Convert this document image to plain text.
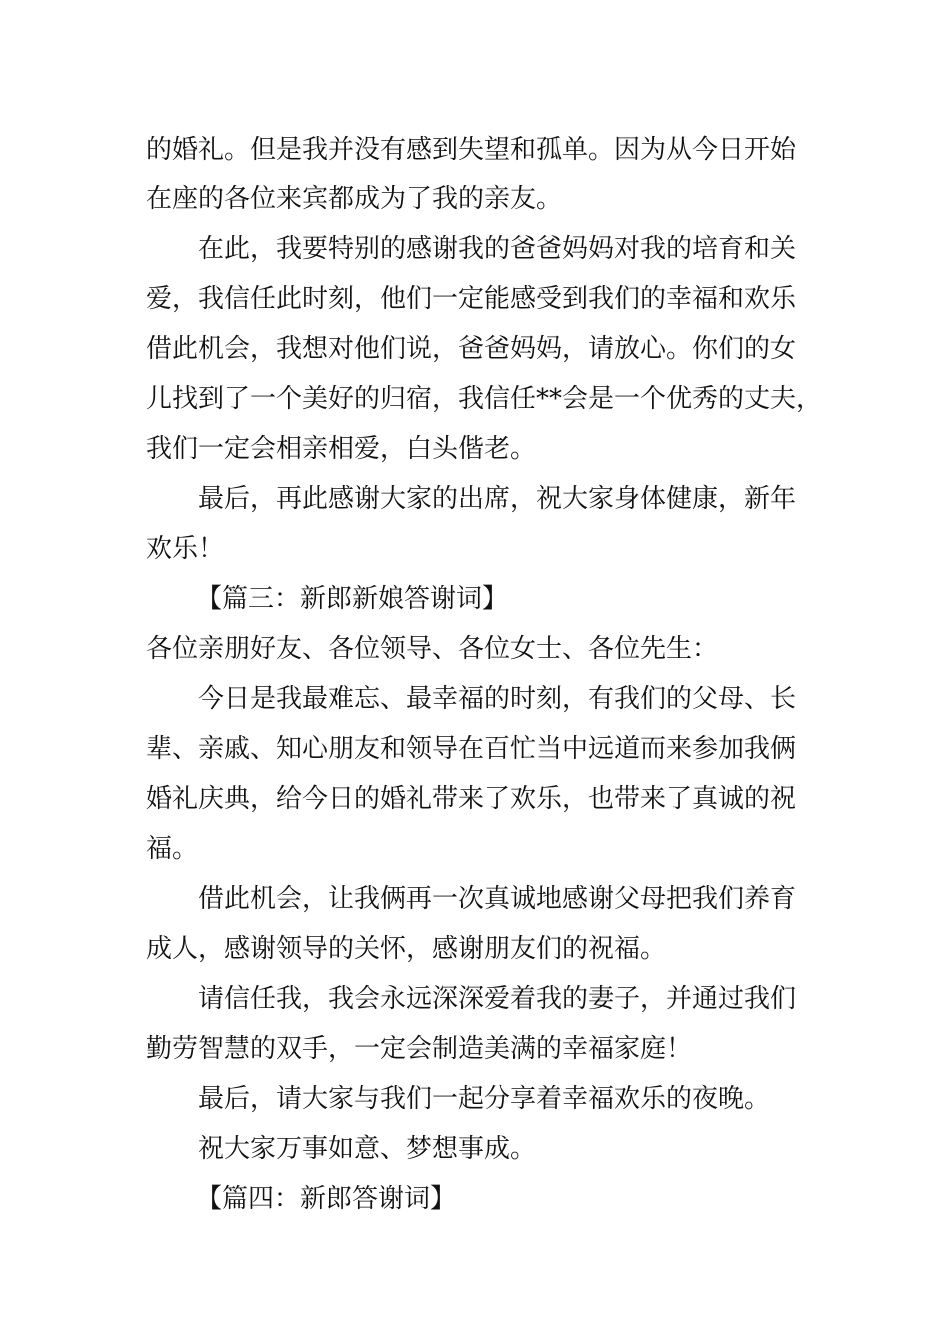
的婚礼。但是我并没有感到失望和孤单。因为从今日开始

在座的各位来宾都成为了我的亲友。

在此，我要特别的感谢我的爸爸妈妈对我的培育和关

爱，我信任此时刻，他们一定能感受到我们的幸福和欢乐

借此机会，我想对他们说，爸爸妈妈，请放心。你们的女

儿找到了一个美好的归宿，我信任**会是一个优秀的丈夫，

我们一定会相亲相爱，白头偕老。

最后，再此感谢大家的出席，祝大家身体健康，新年

欢乐！

【篇三：新郎新娘答谢词】

各位亲朋好友、各位领导、各位女士、各位先生：

今日是我最难忘、最幸福的时刻，有我们的父母、长

辈、亲戚、知心朋友和领导在百忙当中远道而来参加我俩

婚礼庆典，给今日的婚礼带来了欢乐，也带来了真诚的祝

福。

借此机会，让我俩再一次真诚地感谢父母把我们养育

成人，感谢领导的关怀，感谢朋友们的祝福。

请信任我，我会永远深深爱着我的妻子，并通过我们

勤劳智慧的双手，一定会制造美满的幸福家庭！

最后，请大家与我们一起分享着幸福欢乐的夜晚。

祝大家万事如意、梦想事成。

【篇四：新郎答谢词】
